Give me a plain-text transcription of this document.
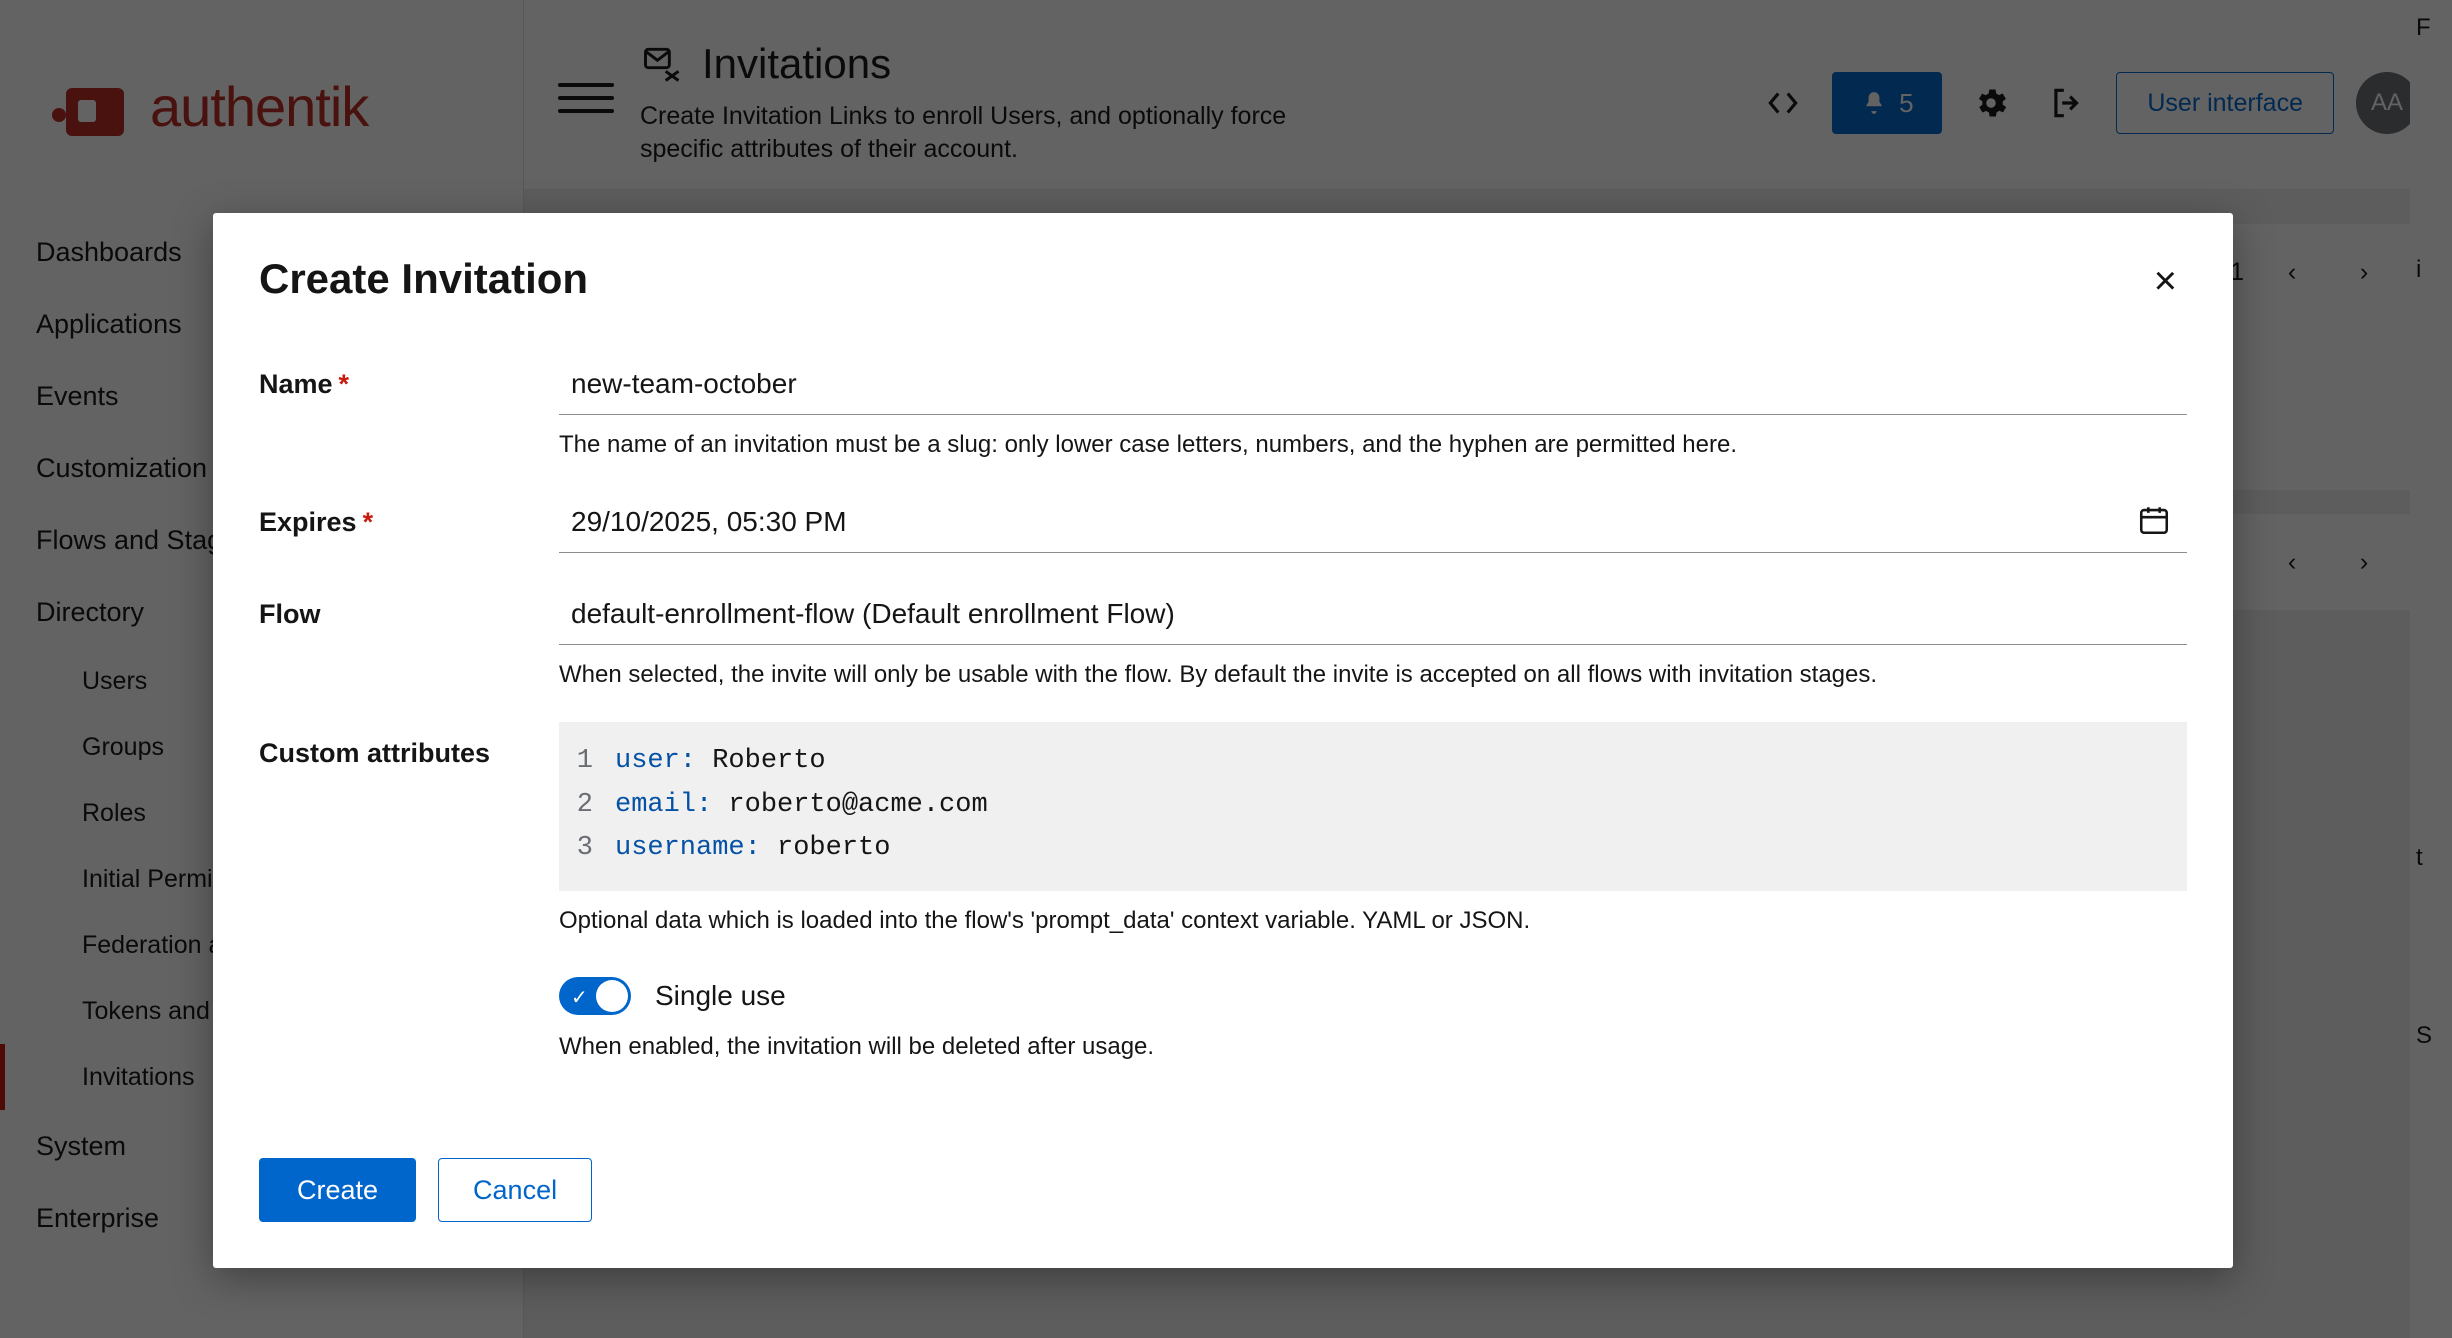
Create Invitation	×
Name *
new-team-october
The name of an invitation must be a slug: only lower case letters, numbers, and the hyphen are permitted here.
Expires *
29/10/2025, 05:30 PM
Flow
default-enrollment-flow (Default enrollment Flow)
When selected, the invite will only be usable with the flow. By default the invite is accepted on all flows with invitation stages.
Custom attributes	1 user:
Roberto
2 email:
roberto@acme.com
3 username:
roberto
Optional data which is loaded into the flow's 'prompt_data' context variable. YAML or JSON.
✓ Single use
When enabled, the invitation will be deleted after usage.
Create	Cancel
